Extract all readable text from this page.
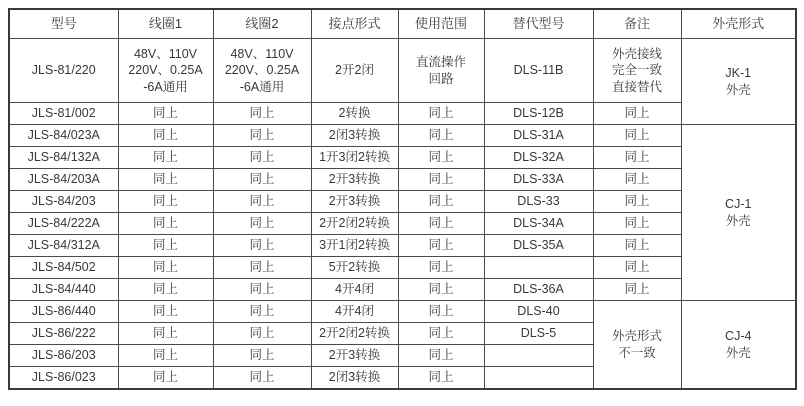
型号	线圈1	线圈2	接点形式	使用范围	替代型号	备注	外壳形式
JLS-81/220	48V、110V
220V、0.25A
-6A通用	48V、110V
220V、0.25A
-6A通用	2开2闭	直流操作
回路	DLS-11B	外壳接线
完全一致
直接替代	JK-1
外壳
JLS-81/002	同上	同上	2转换	同上	DLS-12B	同上	
JLS-84/023A	同上	同上	2闭3转换	同上	DLS-31A	同上	CJ-1
外壳
JLS-84/132A	同上	同上	1开3闭2转换	同上	DLS-32A	同上	
JLS-84/203A	同上	同上	2开3转换	同上	DLS-33A	同上	
JLS-84/203	同上	同上	2开3转换	同上	DLS-33	同上	
JLS-84/222A	同上	同上	2开2闭2转换	同上	DLS-34A	同上	
JLS-84/312A	同上	同上	3开1闭2转换	同上	DLS-35A	同上	
JLS-84/502	同上	同上	5开2转换	同上		同上	
JLS-84/440	同上	同上	4开4闭	同上	DLS-36A	同上	
JLS-86/440	同上	同上	4开4闭	同上	DLS-40	外壳形式
不一致	CJ-4
外壳
JLS-86/222	同上	同上	2开2闭2转换	同上	DLS-5		
JLS-86/203	同上	同上	2开3转换	同上			
JLS-86/023	同上	同上	2闭3转换	同上			
